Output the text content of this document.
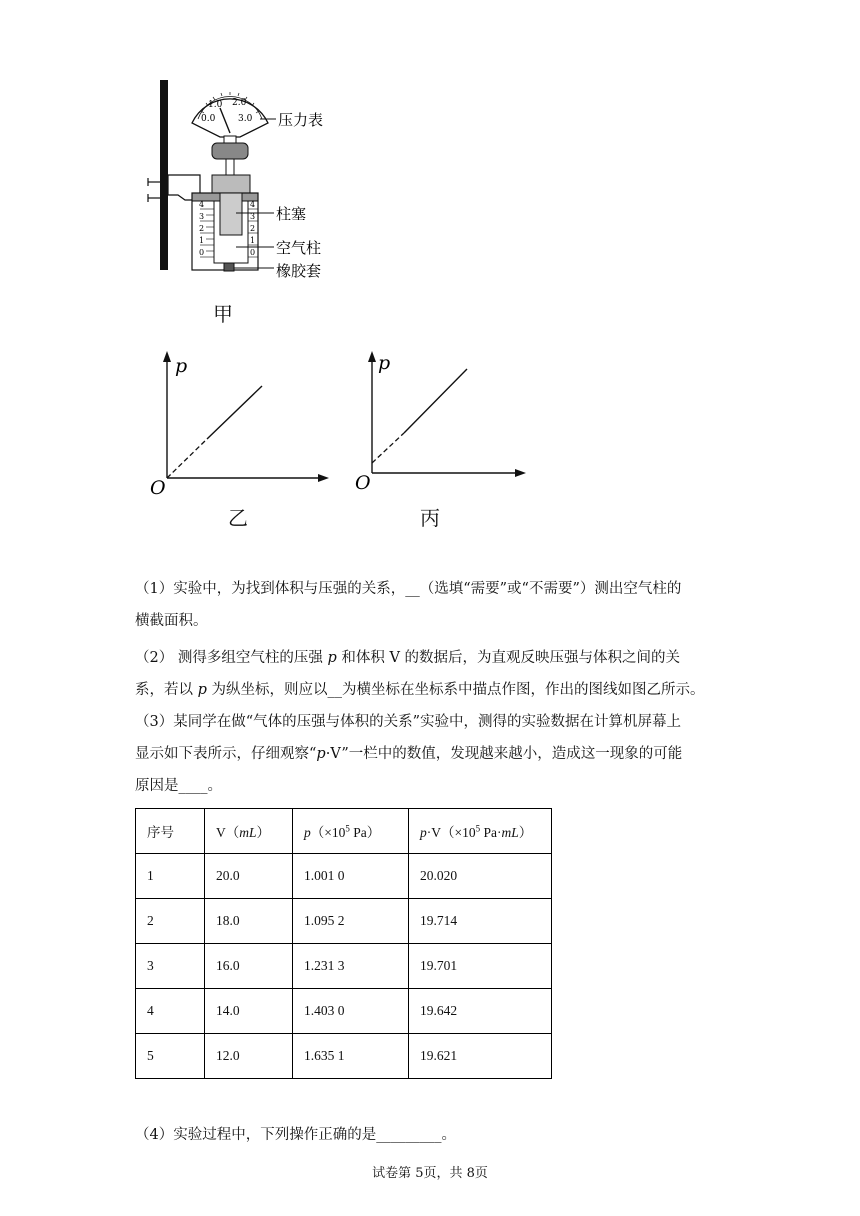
1.0 2.0
0.0	3.0
4
3
2
1
0
4
3
2
1
0
压力表
柱塞
空气柱
橡胶套
甲
p
O
乙
p
O
丙
（1）实验中，为找到体积与压强的关系，__（选填“需要”或“不需要”）测出空气柱的
横截面积。
（2） 测得多组空气柱的压强 p 和体积 V 的数据后，为直观反映压强与体积之间的关
系，若以 p 为纵坐标，则应以__为横坐标在坐标系中描点作图，作出的图线如图乙所示。
（3）某同学在做“气体的压强与体积的关系”实验中，测得的实验数据在计算机屏幕上
显示如下表所示，仔细观察“p·V”一栏中的数值，发现越来越小，造成这一现象的可能
原因是____。
序号	V（mL）	$p(\times 10^5$ Pa）	$p\cdot V(\times 10^5$ Pa·mL）
1	20.0	1.001 0	20.020
2	18.0	1.095 2	19.714
3	16.0	1.231 3	19.701
4	14.0	1.403 0	19.642
5	12.0	1.635 1	19.621
（4）实验过程中，下列操作正确的是_________。
试卷第 5页，共 8页
